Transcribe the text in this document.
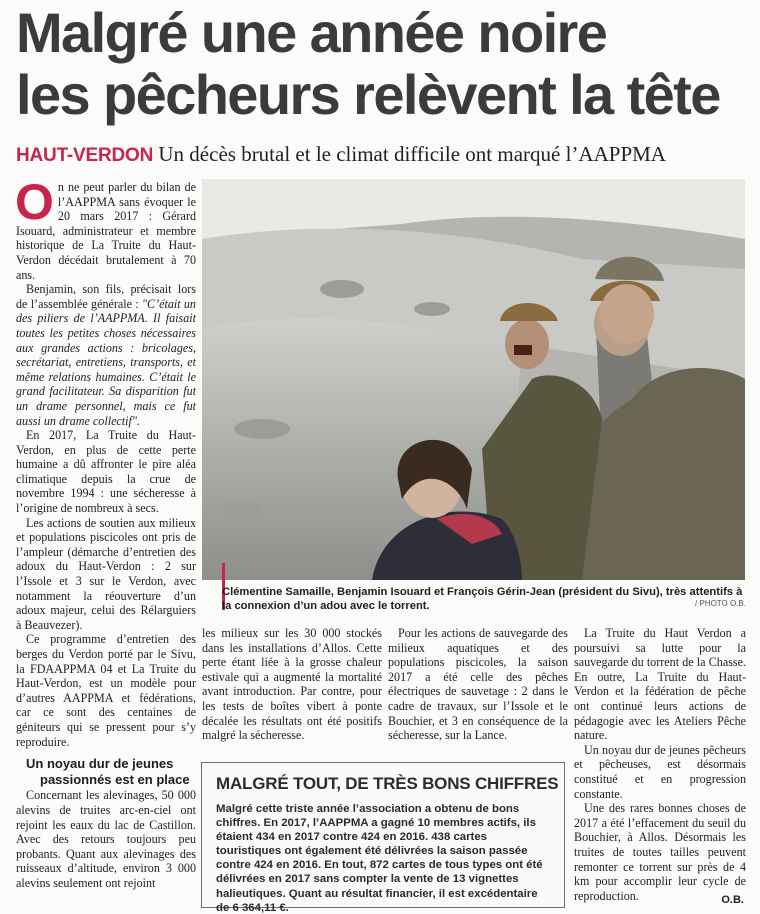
Malgré une année noire
les pêcheurs relèvent la tête
HAUT-VERDON Un décès brutal et le climat difficile ont marqué l’AAPPMA

On ne peut parler du bilan de l’AAPPMA sans évoquer le 20 mars 2017 : Gérard Isouard, administrateur et membre historique de La Truite du Haut-Verdon décédait brutalement à 70 ans.

Benjamin, son fils, précisait lors de l’assemblée générale : "C’était un des piliers de l’AAPPMA. Il faisait toutes les petites choses nécessaires aux grandes actions : bricolages, secrétariat, entretiens, transports, et même relations humaines. C’était le grand facilitateur. Sa disparition fut un drame personnel, mais ce fut aussi un drame collectif".

En 2017, La Truite du Haut-Verdon, en plus de cette perte humaine a dû affronter le pire aléa climatique depuis la crue de novembre 1994 : une sécheresse à l’origine de nombreux à secs.

Les actions de soutien aux milieux et populations piscicoles ont pris de l’ampleur (démarche d’entretien des adoux du Haut-Verdon : 2 sur l’Issole et 3 sur le Verdon, avec notamment la réouverture d’un adoux majeur, celui des Rélarguiers à Beauvezer).

Ce programme d’entretien des berges du Verdon porté par le Sivu, la FDAAPPMA 04 et La Truite du Haut-Verdon, est un modèle pour d’autres AAPPMA et fédérations, car ce sont des centaines de géniteurs qui se pressent pour s’y reproduire.

Un noyau dur de jeunes
passionnés est en place

Concernant les alevinages, 50 000 alevins de truites arc-en-ciel ont rejoint les eaux du lac de Castillon. Avec des retours toujours peu probants. Quant aux alevinages des ruisseaux d’altitude, environ 3 000 alevins seulement ont rejoint

Clémentine Samaille, Benjamin Isouard et François Gérin-Jean (président du Sivu), très attentifs à la connexion d’un adou avec le torrent.	/ PHOTO O.B.

les milieux sur les 30 000 stockés dans les installations d’Allos. Cette perte étant liée à la grosse chaleur estivale qui a augmenté la mortalité avant introduction. Par contre, pour les tests de boîtes vibert à ponte décalée les résultats ont été positifs malgré la sécheresse.

Pour les actions de sauvegarde des milieux aquatiques et des populations piscicoles, la saison 2017 a été celle des pêches électriques de sauvetage : 2 dans le cadre de travaux, sur l’Issole et le Bouchier, et 3 en conséquence de la sécheresse, sur la Lance.

La Truite du Haut Verdon a poursuivi sa lutte pour la sauvegarde du torrent de la Chasse. En outre, La Truite du Haut-Verdon et la fédération de pêche ont continué leurs actions de pédagogie avec les Ateliers Pêche nature.

Un noyau dur de jeunes pêcheurs et pêcheuses, est désormais constitué et en progression constante.

Une des rares bonnes choses de 2017 a été l’effacement du seuil du Bouchier, à Allos. Désormais les truites de toutes tailles peuvent remonter ce torrent sur près de 4 km pour accomplir leur cycle de reproduction.

MALGRÉ TOUT, DE TRÈS BONS CHIFFRES
Malgré cette triste année l’association a obtenu de bons chiffres. En 2017, l’AAPPMA a gagné 10 membres actifs, ils étaient 434 en 2017 contre 424 en 2016. 438 cartes touristiques ont également été délivrées la saison passée contre 424 en 2016. En tout, 872 cartes de tous types ont été délivrées en 2017 sans compter la vente de 13 vignettes halieutiques. Quant au résultat financier, il est excédentaire de 6 364,11 €.
O.B.
